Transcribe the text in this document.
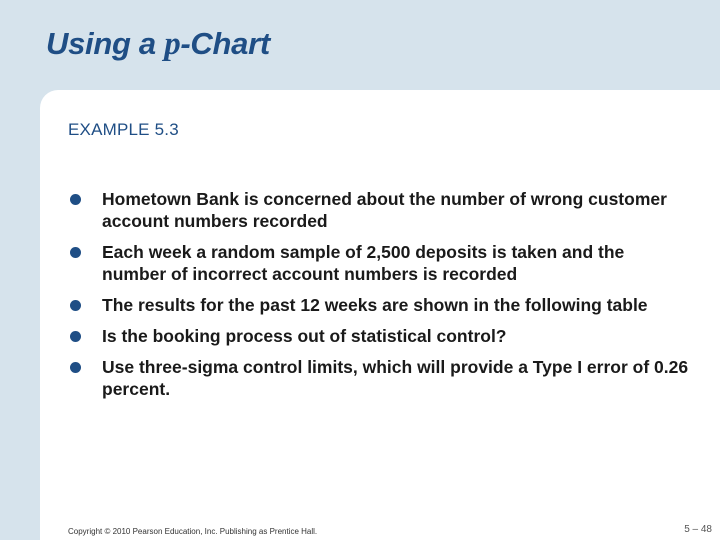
Using a p-Chart
EXAMPLE 5.3
Hometown Bank is concerned about the number of wrong customer account numbers recorded
Each week a random sample of 2,500 deposits is taken and the number of incorrect account numbers is recorded
The results for the past 12 weeks are shown in the following table
Is the booking process out of statistical control?
Use three-sigma control limits, which will provide a Type I error of 0.26 percent.
Copyright © 2010 Pearson Education, Inc. Publishing as Prentice Hall.	5 – 48
